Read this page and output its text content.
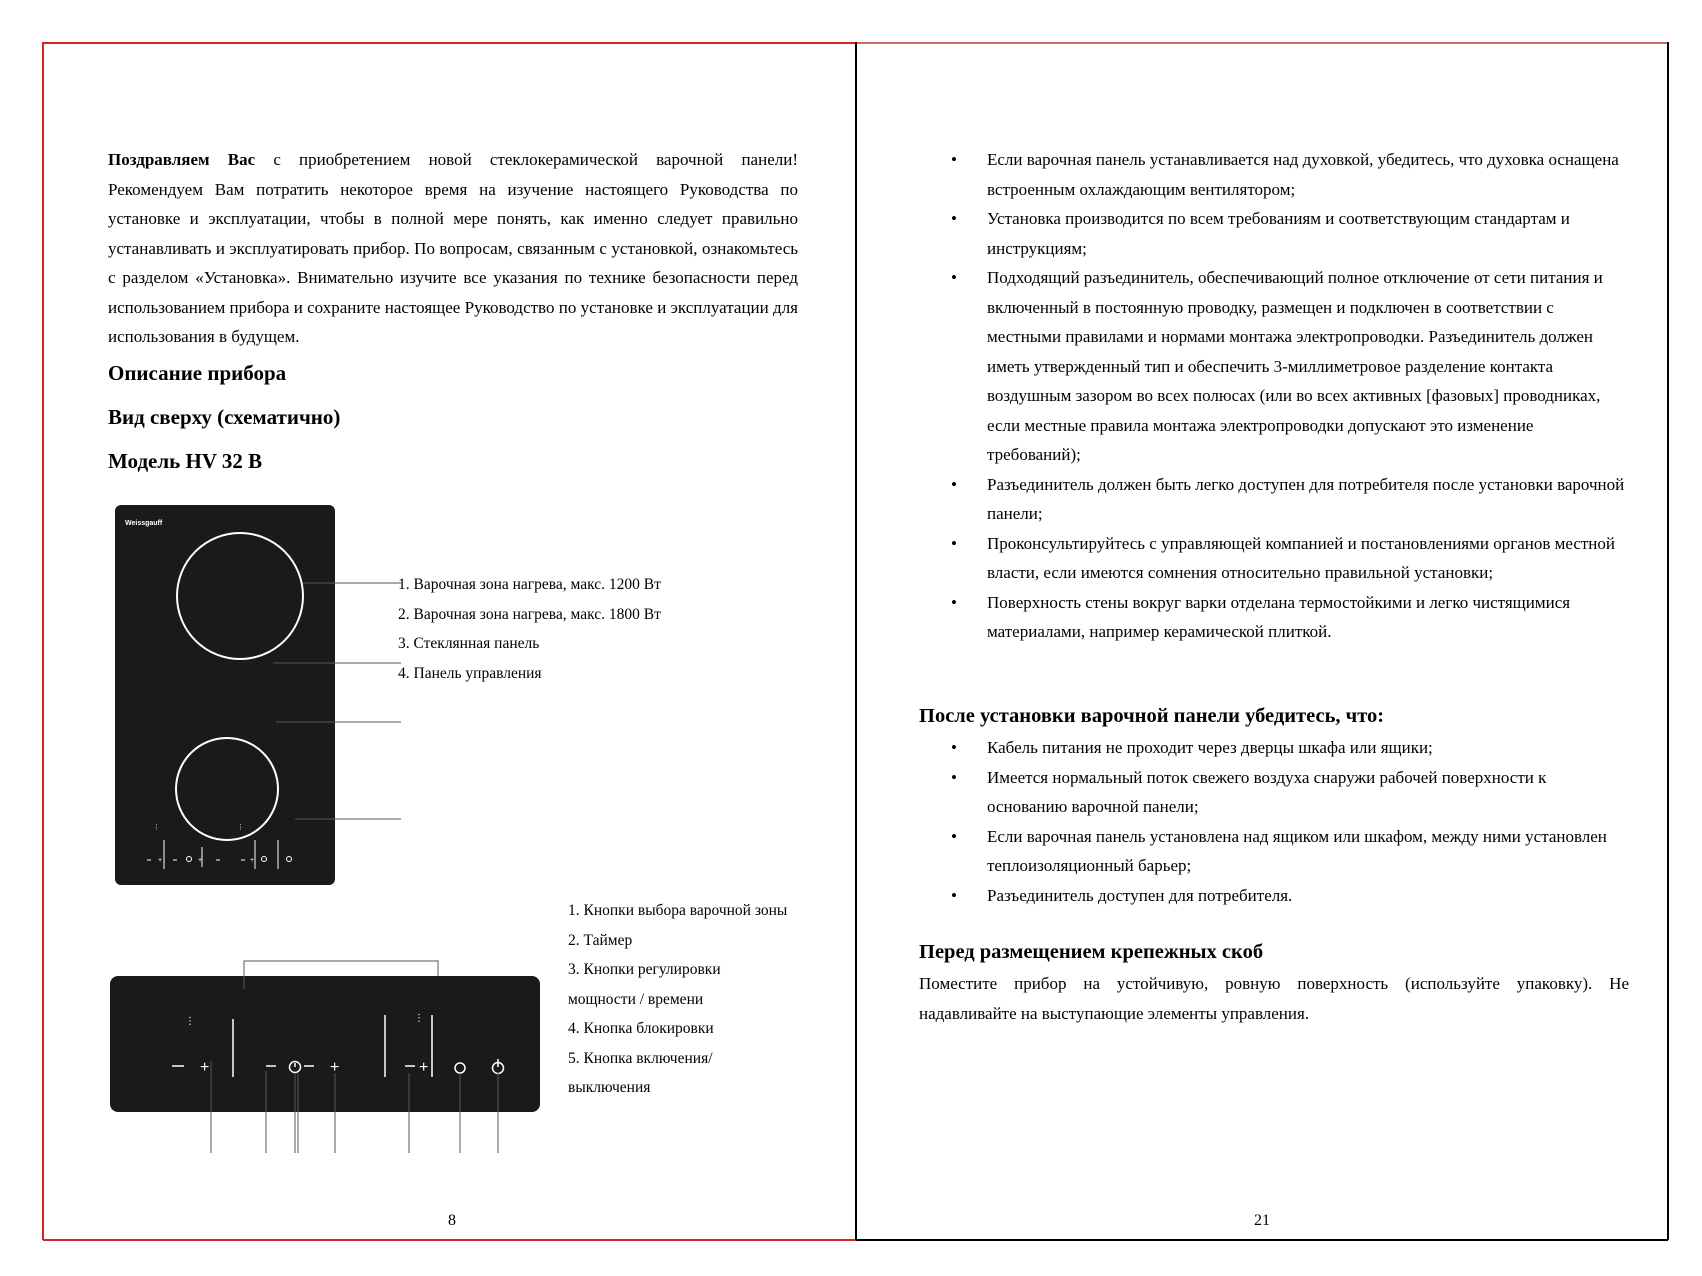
Поздравляем Вас с приобретением новой стеклокерамической варочной панели! Рекомендуем Вам потратить некоторое время на изучение настоящего Руководства по установке и эксплуатации, чтобы в полной мере понять, как именно следует правильно устанавливать и эксплуатировать прибор. По вопросам, связанным с установкой, ознакомьтесь с разделом «Установка». Внимательно изучите все указания по технике безопасности перед использованием прибора и сохраните настоящее Руководство по установке и эксплуатации для использования в будущем.

Описание прибора
Вид сверху (схематично)
Модель HV 32 B
Weissgauff
+	+	+
⋮	⋮
1. Варочная зона нагрева, макс. 1200 Вт
2. Варочная зона нагрева, макс. 1800 Вт
3. Стеклянная панель
4. Панель управления
+	+	+
⋮	⋮
1. Кнопки выбора варочной зоны
2. Таймер
3. Кнопки регулировки мощности / времени
4. Кнопка блокировки
5. Кнопка включения/ выключения
8
• Если варочная панель устанавливается над духовкой, убедитесь, что духовка оснащена встроенным охлаждающим вентилятором;
• Установка производится по всем требованиям и соответствующим стандартам и инструкциям;
• Подходящий разъединитель, обеспечивающий полное отключение от сети питания и включенный в постоянную проводку, размещен и подключен в соответствии с местными правилами и нормами монтажа электропроводки. Разъединитель должен иметь утвержденный тип и обеспечить 3-миллиметровое разделение контакта воздушным зазором во всех полюсах (или во всех активных [фазовых] проводниках, если местные правила монтажа электропроводки допускают это изменение требований);
• Разъединитель должен быть легко доступен для потребителя после установки варочной панели;
• Проконсультируйтесь с управляющей компанией и постановлениями органов местной власти, если имеются сомнения относительно правильной установки;
• Поверхность стены вокруг варки отделана термостойкими и легко чистящимися материалами, например керамической плиткой.
После установки варочной панели убедитесь, что:
• Кабель питания не проходит через дверцы шкафа или ящики;
• Имеется нормальный поток свежего воздуха снаружи рабочей поверхности к основанию варочной панели;
• Если варочная панель установлена над ящиком или шкафом, между ними установлен теплоизоляционный барьер;
• Разъединитель доступен для потребителя.
Перед размещением крепежных скоб

Поместите прибор на устойчивую, ровную поверхность (используйте упаковку). Не надавливайте на выступающие элементы управления.

21
